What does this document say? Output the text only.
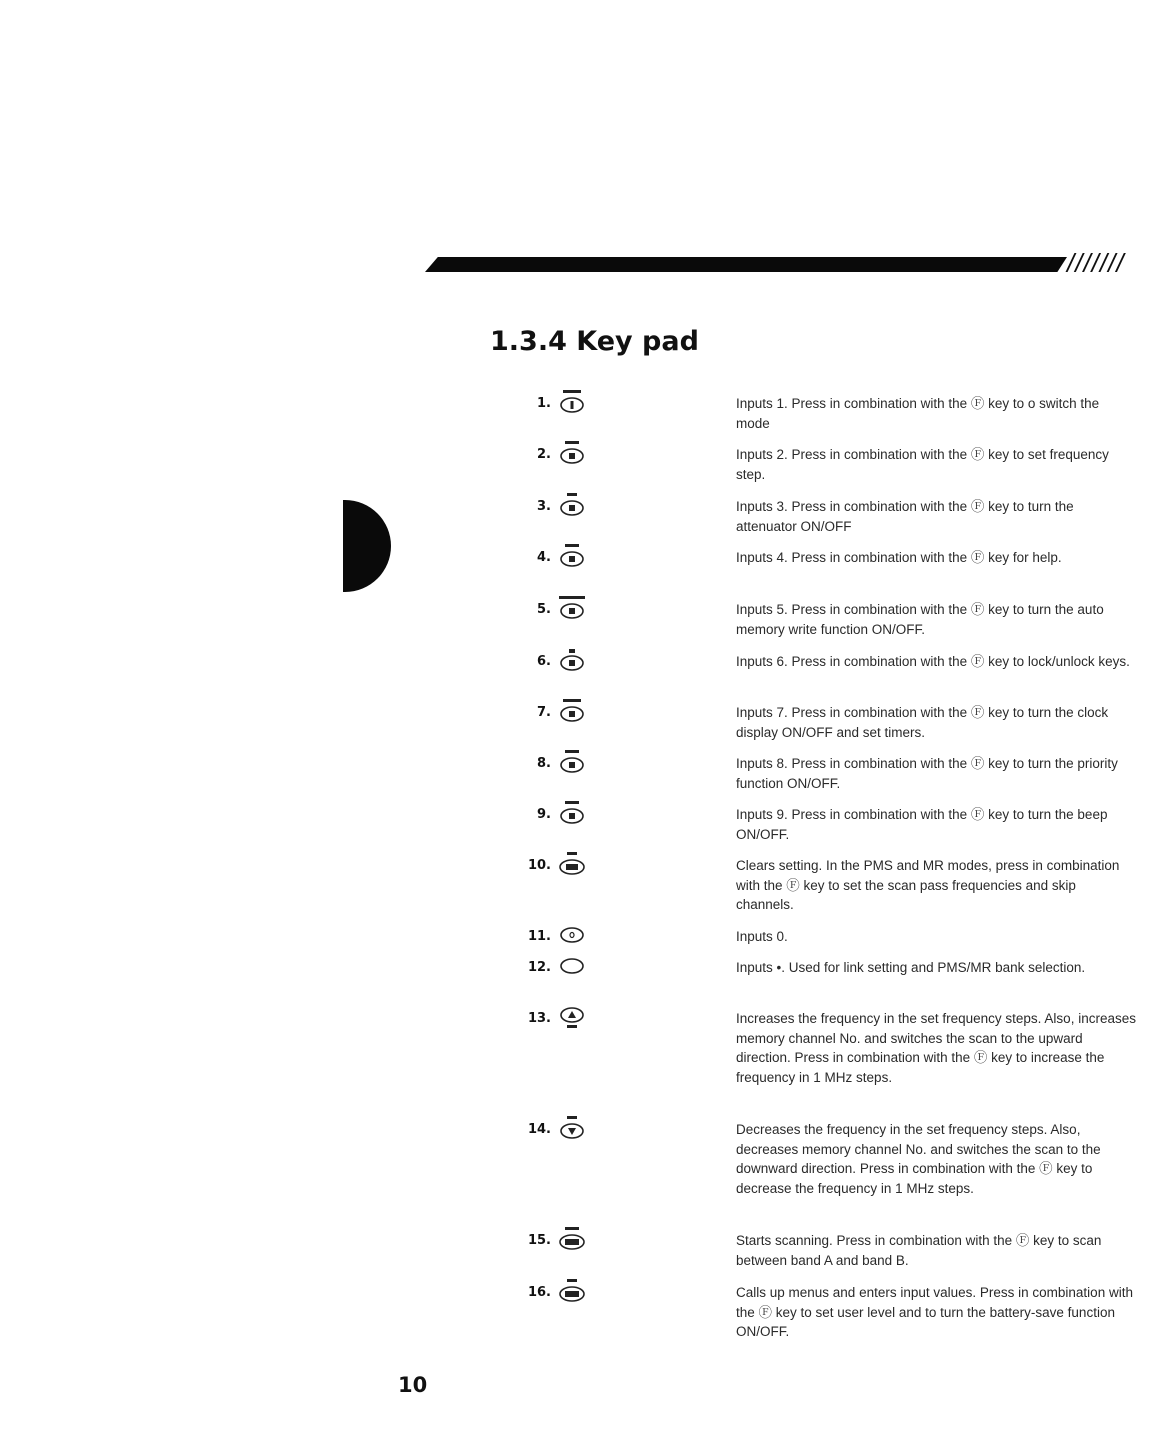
///////
1.3.4 Key pad
1.	Inputs 1. Press in combination with the Ⓕ key to o switch the mode

2.	Inputs 2. Press in combination with the Ⓕ key to set frequency step.

3.	Inputs 3. Press in combination with the Ⓕ key to turn the attenuator ON/OFF

4.	Inputs 4. Press in combination with the Ⓕ key for help.

5.	Inputs 5. Press in combination with the Ⓕ key to turn the auto memory write function ON/OFF.

6.	Inputs 6. Press in combination with the Ⓕ key to lock/unlock keys.

7.	Inputs 7. Press in combination with the Ⓕ key to turn the clock display ON/OFF and set timers.

8.	Inputs 8. Press in combination with the Ⓕ key to turn the priority function ON/OFF.

9.	Inputs 9. Press in combination with the Ⓕ key to turn the beep ON/OFF.

10.	Clears setting. In the PMS and MR modes, press in combination with the Ⓕ key to set the scan pass frequencies and skip channels.

11.	Inputs 0.

12.	Inputs •. Used for link setting and PMS/MR bank selection.

13.	Increases the frequency in the set frequency steps. Also, increases memory channel No. and switches the scan to the upward direction. Press in combination with the Ⓕ key to increase the frequency in 1 MHz steps.

14.	Decreases the frequency in the set frequency steps. Also, decreases memory channel No. and switches the scan to the downward direction. Press in combination with the Ⓕ key to decrease the frequency in 1 MHz steps.

15.	Starts scanning. Press in combination with the Ⓕ key to scan between band A and band B.

16.	Calls up menus and enters input values. Press in combination with the Ⓕ key to set user level and to turn the battery-save function ON/OFF.

10
